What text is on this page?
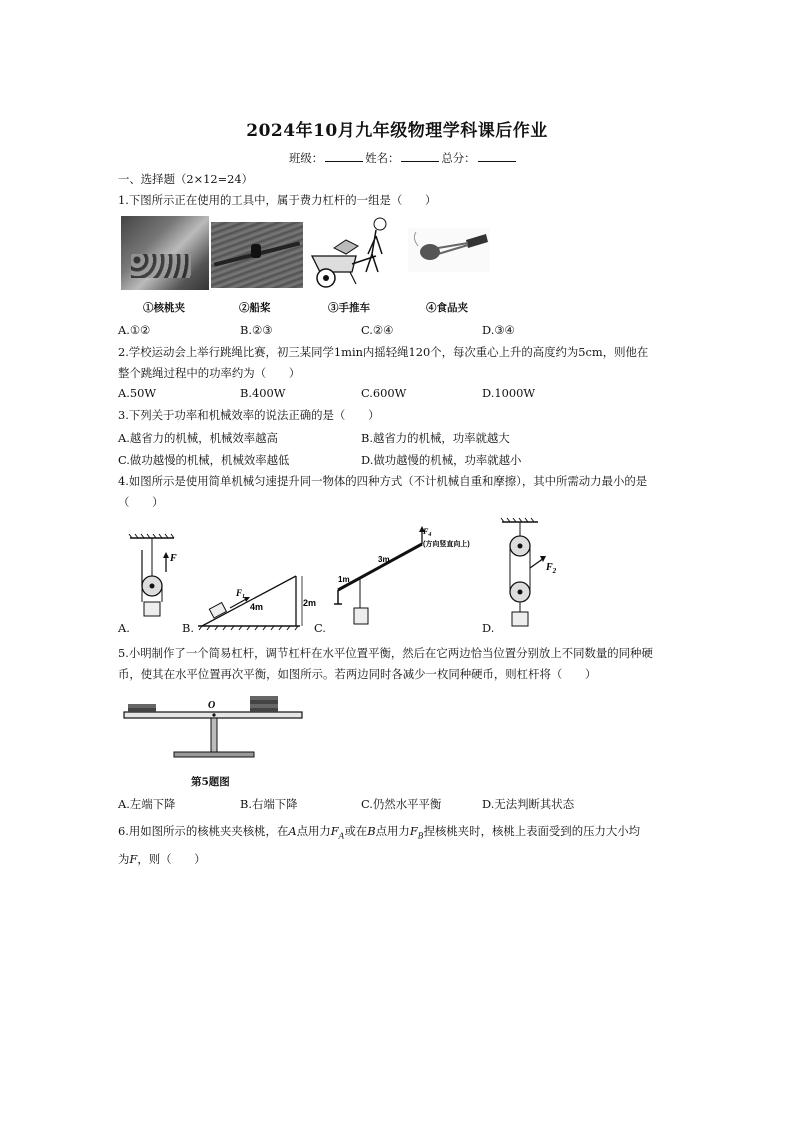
2024年10月九年级物理学科课后作业
班级：	姓名：	总分：
一、选择题（2×12=24）
1.下图所示正在使用的工具中，属于费力杠杆的一组是（　　）
①核桃夹	②船桨	③手推车	④食品夹
A.①②	B.②③	C.②④	D.③④
2.学校运动会上举行跳绳比赛，初三某同学1min内摇轻绳120个，每次重心上升的高度约为5cm，则他在
整个跳绳过程中的功率约为（　　）
A.50W	B.400W	C.600W	D.1000W
3.下列关于功率和机械效率的说法正确的是（　　）
A.越省力的机械，机械效率越高	B.越省力的机械，功率就越大
C.做功越慢的机械，机械效率越低	D.做功越慢的机械，功率就越小
4.如图所示是使用简单机械匀速提升同一物体的四种方式（不计机械自重和摩擦），其中所需动力最小的是
（　　）
F
$F_1$
4m	2m
$F_4$
(方向竖直向上)
3m
1m
$F_2$
A.	B.	C.	D.
5.小明制作了一个简易杠杆，调节杠杆在水平位置平衡，然后在它两边恰当位置分别放上不同数量的同种硬
币，使其在水平位置再次平衡，如图所示。若两边同时各减少一枚同种硬币，则杠杆将（　　）
O
第5题图
A.左端下降	B.右端下降	C.仍然水平平衡	D.无法判断其状态
6.用如图所示的核桃夹夹核桃，在A点用力$F_A$或在B点用力$F_B$捏核桃夹时，核桃上表面受到的压力大小均
为F，则（　　）
